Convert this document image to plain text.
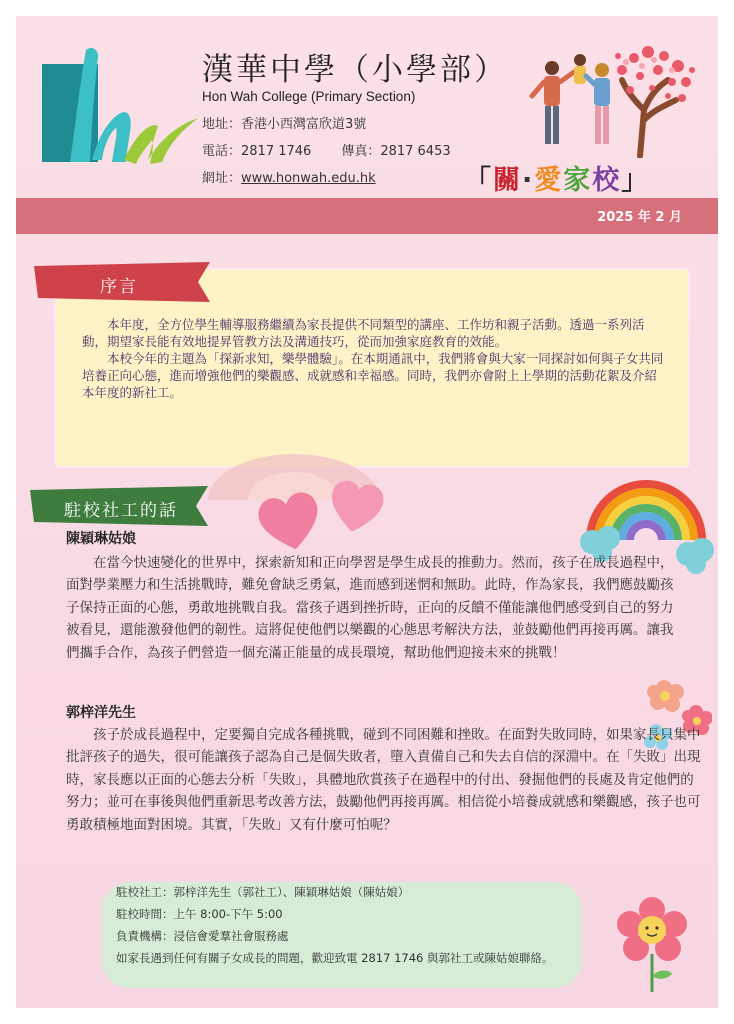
漢華中學（小學部）
Hon Wah College (Primary Section)
地址：香港小西灣富欣道3號
電話：2817 1746 傳真：2817 6453
網址：www.honwah.edu.hk	「關·愛家校」
2025 年 2 月
序言

本年度，全方位學生輔導服務繼續為家長提供不同類型的講座、工作坊和親子活動。透過一系列活動，期望家長能有效地提昇管教方法及溝通技巧，從而加強家庭教育的效能。

本校今年的主題為「探新求知，樂學體驗」。在本期通訊中，我們將會與大家一同探討如何與子女共同培養正向心態，進而增強他們的樂觀感、成就感和幸福感。同時，我們亦會附上上學期的活動花絮及介紹本年度的新社工。

駐校社工的話
陳穎琳姑娘
在當今快速變化的世界中，探索新知和正向學習是學生成長的推動力。然而，孩子在成長過程中，面對學業壓力和生活挑戰時，難免會缺乏勇氣，進而感到迷惘和無助。此時，作為家長，我們應鼓勵孩子保持正面的心態，勇敢地挑戰自我。當孩子遇到挫折時，正向的反饋不僅能讓他們感受到自己的努力被看見，還能激發他們的韌性。這將促使他們以樂觀的心態思考解決方法，並鼓勵他們再接再厲。讓我們攜手合作，為孩子們營造一個充滿正能量的成長環境，幫助他們迎接未來的挑戰！
郭梓洋先生
孩子於成長過程中，定要獨自完成各種挑戰，碰到不同困難和挫敗。在面對失敗同時，如果家長只集中批評孩子的過失，很可能讓孩子認為自己是個失敗者，墮入責備自己和失去自信的深淵中。在「失敗」出現時，家長應以正面的心態去分析「失敗」，具體地欣賞孩子在過程中的付出、發掘他們的長處及肯定他們的努力；並可在事後與他們重新思考改善方法，鼓勵他們再接再厲。相信從小培養成就感和樂觀感，孩子也可勇敢積極地面對困境。其實，「失敗」又有什麼可怕呢？
駐校社工：郭梓洋先生（郭社工）、陳穎琳姑娘（陳姑娘）
駐校時間：上午 8:00-下午 5:00
負責機構：浸信會愛羣社會服務處
如家長遇到任何有關子女成長的問題，歡迎致電 2817 1746 與郭社工或陳姑娘聯絡。
